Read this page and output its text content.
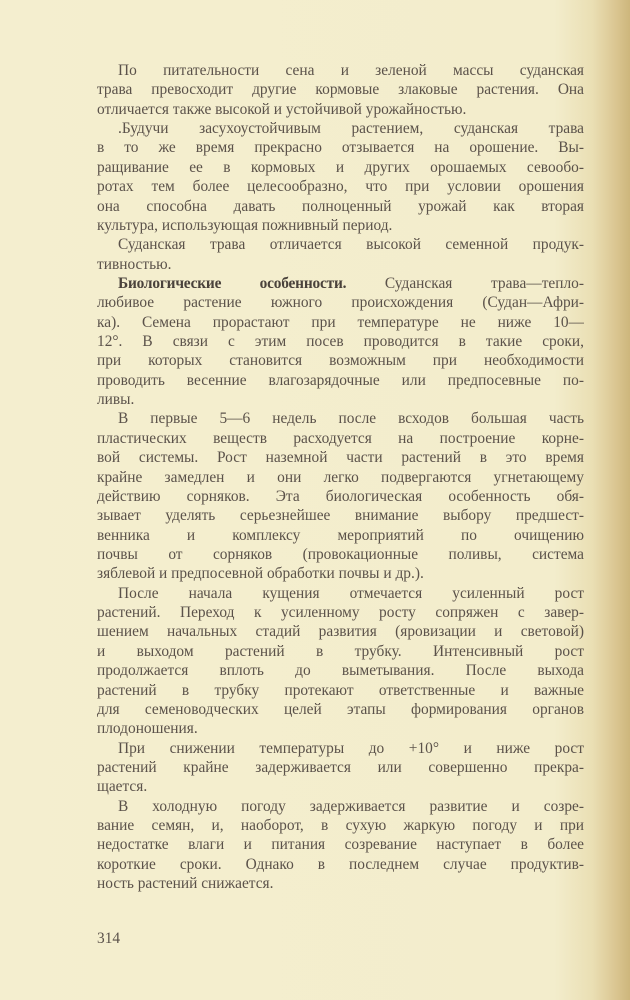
По питательности сена и зеленой массы суданская
трава превосходит другие кормовые злаковые растения. Она
отличается также высокой и устойчивой урожайностью.
.Будучи засухоустойчивым растением, суданская трава
в то же время прекрасно отзывается на орошение. Вы-
ращивание ее в кормовых и других орошаемых севообо-
ротах тем более целесообразно, что при условии орошения
она способна давать полноценный урожай как вторая
культура, использующая пожнивный период.
Суданская трава отличается высокой семенной продук-
тивностью.
Биологические особенности.	Суданская трава—тепло-
любивое растение южного происхождения (Судан—Афри-
ка). Семена прорастают при температуре не ниже 10—
12°. В связи с этим посев проводится в такие сроки,
при которых становится возможным при необходимости
проводить весенние влагозарядочные или предпосевные по-
ливы.
В первые 5—6 недель после всходов большая часть
пластических веществ расходуется на построение корне-
вой системы. Рост наземной части растений в это время
крайне замедлен и они легко подвергаются угнетающему
действию сорняков. Эта биологическая особенность обя-
зывает уделять серьезнейшее внимание выбору предшест-
венника и комплексу мероприятий по очищению
почвы от сорняков (провокационные поливы, система
зяблевой и предпосевной обработки почвы и др.).
После начала кущения отмечается усиленный рост
растений. Переход к усиленному росту сопряжен с завер-
шением начальных стадий развития (яровизации и световой)
и выходом растений в трубку. Интенсивный рост
продолжается вплоть до выметывания. После выхода
растений в трубку протекают ответственные и важные
для семеноводческих целей этапы формирования органов
плодоношения.
При снижении температуры до +10° и ниже рост
растений крайне задерживается или совершенно прекра-
щается.
В холодную погоду задерживается развитие и созре-
вание семян, и, наоборот, в сухую жаркую погоду и при
недостатке влаги и питания созревание наступает в более
короткие сроки. Однако в последнем случае продуктив-
ность растений снижается.
314
